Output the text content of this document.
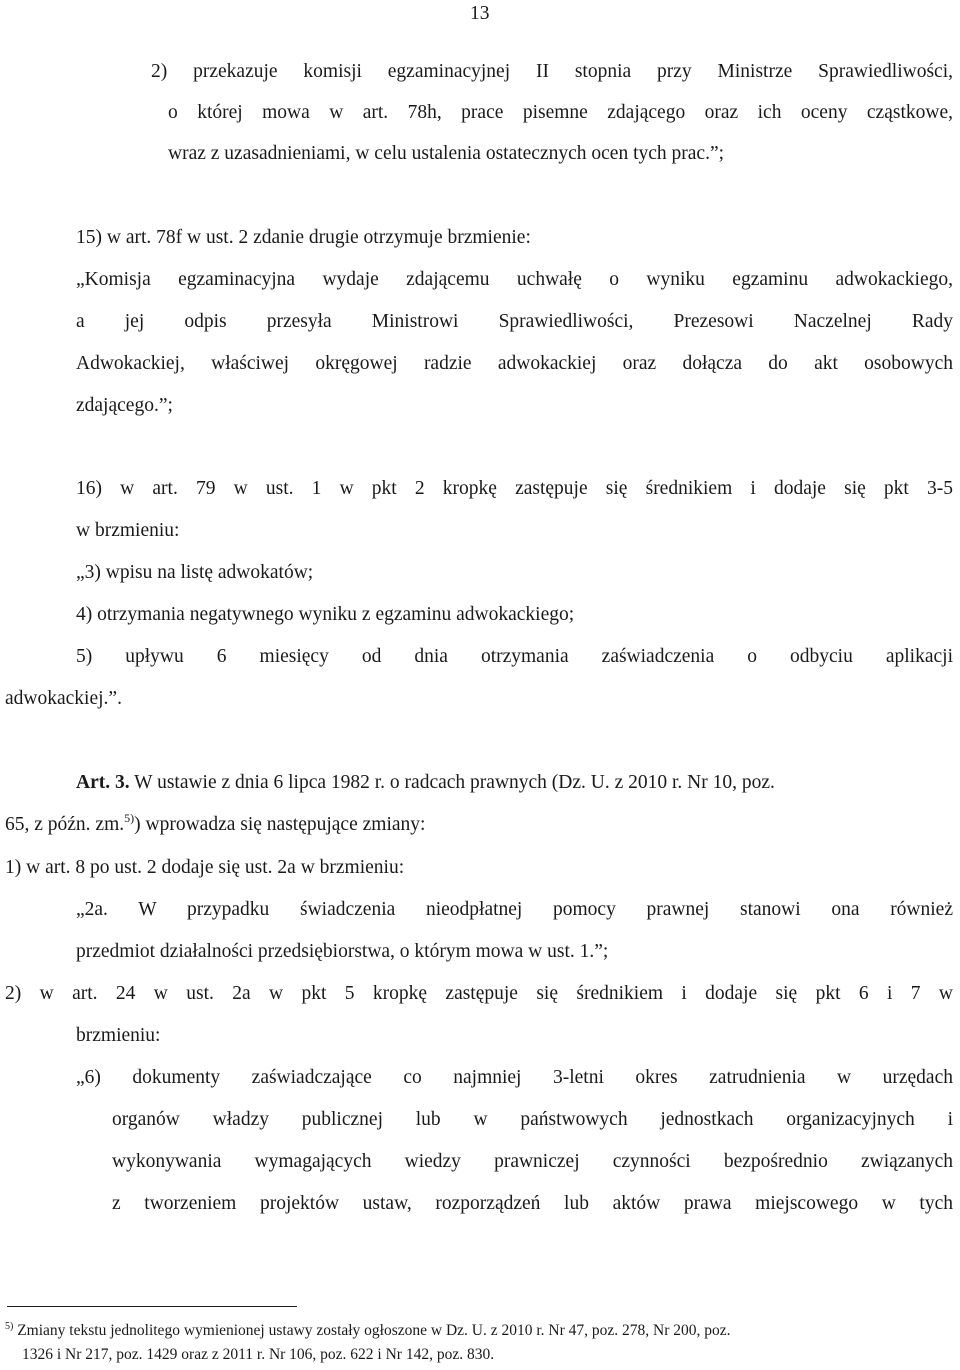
13
2) przekazuje komisji egzaminacyjnej II stopnia przy Ministrze Sprawiedliwości,
o której mowa w art. 78h, prace pisemne zdającego oraz ich oceny cząstkowe,
wraz z uzasadnieniami, w celu ustalenia ostatecznych ocen tych prac.”;
15) w art. 78f w ust. 2 zdanie drugie otrzymuje brzmienie:
„Komisja egzaminacyjna wydaje zdającemu uchwałę o wyniku egzaminu adwokackiego,
a jej odpis przesyła Ministrowi Sprawiedliwości, Prezesowi Naczelnej Rady
Adwokackiej, właściwej okręgowej radzie adwokackiej oraz dołącza do akt osobowych
zdającego.”;
16) w art. 79 w ust. 1 w pkt 2 kropkę zastępuje się średnikiem i dodaje się pkt 3-5
w brzmieniu:
„3) wpisu na listę adwokatów;
4) otrzymania negatywnego wyniku z egzaminu adwokackiego;
5) upływu 6 miesięcy od dnia otrzymania zaświadczenia o odbyciu aplikacji
adwokackiej.”.
Art. 3. W ustawie z dnia 6 lipca 1982 r. o radcach prawnych (Dz. U. z 2010 r. Nr 10, poz.
65, z późn. zm.$^{5)}$) wprowadza się następujące zmiany:
1) w art. 8 po ust. 2 dodaje się ust. 2a w brzmieniu:
„2a. W przypadku świadczenia nieodpłatnej pomocy prawnej stanowi ona również
przedmiot działalności przedsiębiorstwa, o którym mowa w ust. 1.”;
2) w art. 24 w ust. 2a w pkt 5 kropkę zastępuje się średnikiem i dodaje się pkt 6 i 7 w
brzmieniu:
„6) dokumenty zaświadczające co najmniej 3-letni okres zatrudnienia w urzędach
organów władzy publicznej lub w państwowych jednostkach organizacyjnych i
wykonywania wymagających wiedzy prawniczej czynności bezpośrednio związanych
z tworzeniem projektów ustaw, rozporządzeń lub aktów prawa miejscowego w tych
$^{5)}$ Zmiany tekstu jednolitego wymienionej ustawy zostały ogłoszone w Dz. U. z 2010 r. Nr 47, poz. 278, Nr 200, poz.
1326 i Nr 217, poz. 1429 oraz z 2011 r. Nr 106, poz. 622 i Nr 142, poz. 830.
